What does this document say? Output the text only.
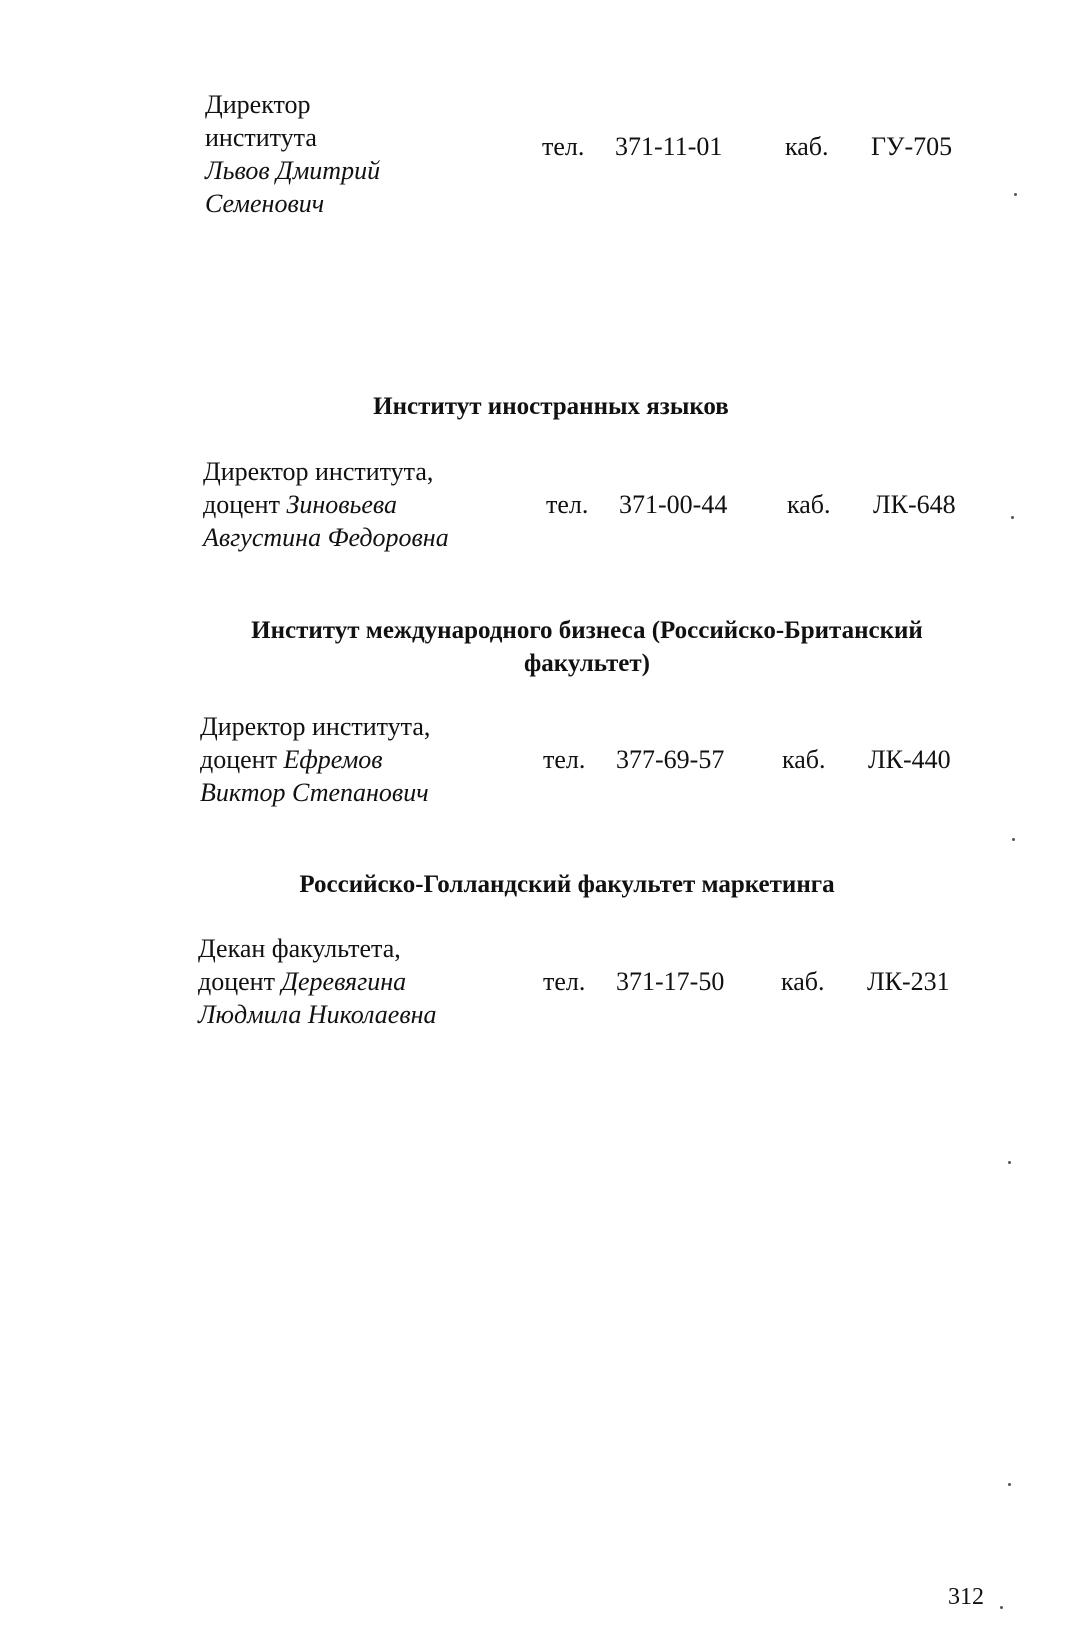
Директор
института
Львов Дмитрий
Семенович
тел. 371-11-01 каб. ГУ-705
Институт иностранных языков
Директор института,
доцент Зиновьева
Августина Федоровна
тел. 371-00-44 каб. ЛК-648
Институт международного бизнеса (Российско-Британский
факультет)
Директор института,
доцент Ефремов
Виктор Степанович
тел. 377-69-57 каб. ЛК-440
Российско-Голландский факультет маркетинга
Декан факультета,
доцент Деревягина
Людмила Николаевна
тел. 371-17-50 каб. ЛК-231
312
